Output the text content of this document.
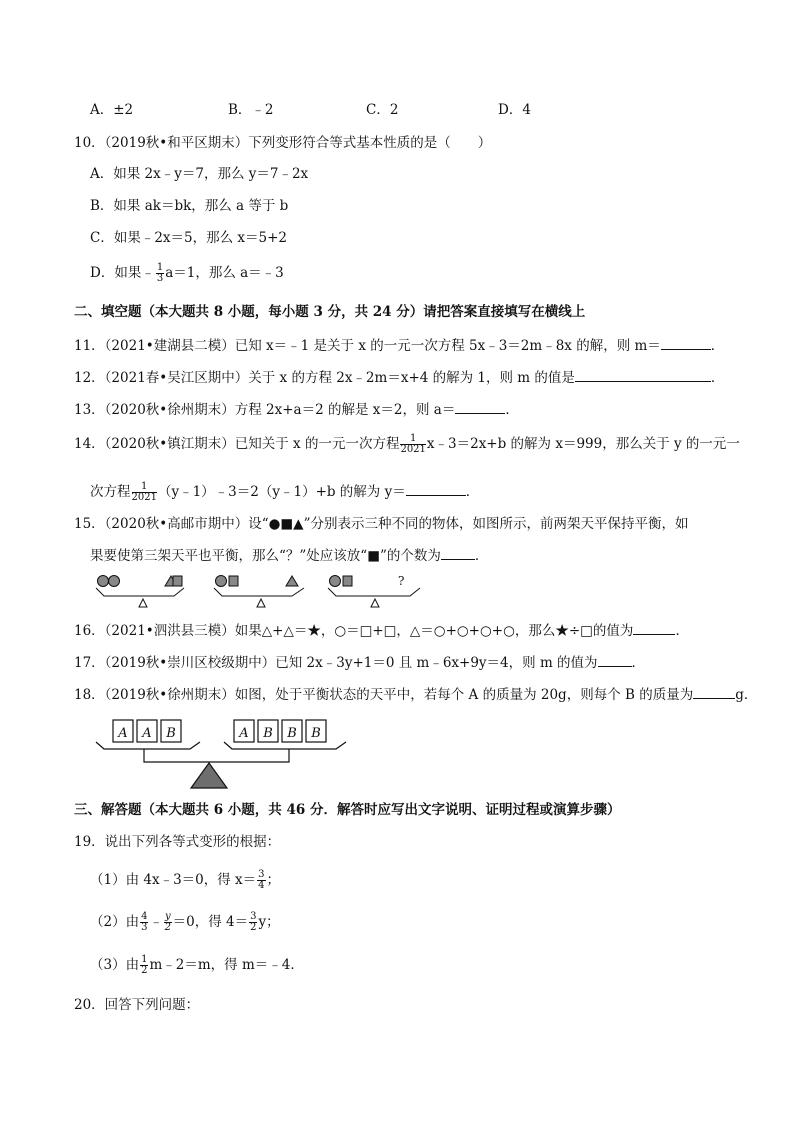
A．±2	B．﹣2	C．2	D．4
10．（2019秋•和平区期末）下列变形符合等式基本性质的是（　　）
A．如果 2x﹣y＝7，那么 y＝7﹣2x
B．如果 ak＝bk，那么 a 等于 b
C．如果﹣2x＝5，那么 x＝5+2
D．如果﹣ $\frac{1}{3} a=1$，那么 a＝﹣3
二、填空题（本大题共 8 小题，每小题 3 分，共 24 分）请把答案直接填写在横线上
11．（2021•建湖县二模）已知 x＝﹣1 是关于 x 的一元一次方程 5x﹣3＝2m﹣8x 的解，则 m＝	．
12．（2021春•吴江区期中）关于 x 的方程 2x﹣2m＝x+4 的解为 1，则 m 的值是	．
13．（2020秋•徐州期末）方程 2x+a＝2 的解是 x＝2，则 a＝	．
14．（2020秋•镇江期末）已知关于 x 的一元一次方程 $\frac{1}{2021}$ x﹣3＝2x+b 的解为 x＝999，那么关于 y 的一元一
次方程 $\frac{1}{2021}$ （y﹣1）﹣3＝2（y﹣1）+b 的解为 y＝	．
15．（2020秋•高邮市期中）设“●■▲”分别表示三种不同的物体，如图所示，前两架天平保持平衡，如
果要使第三架天平也平衡，那么“？”处应该放“■”的个数为	．
?
16．（2021•泗洪县三模）如果△+△＝★，○＝□+□，△＝○+○+○+○，那么★÷□的值为	．
17．（2019秋•崇川区校级期中）已知 2x﹣3y+1＝0 且 m﹣6x+9y＝4，则 m 的值为	．
18．（2019秋•徐州期末）如图，处于平衡状态的天平中，若每个 A 的质量为 20g，则每个 B 的质量为	g．
A A B	A B B B
三、解答题（本大题共 6 小题，共 46 分．解答时应写出文字说明、证明过程或演算步骤）
19．说出下列各等式变形的根据：
（1）由 4x﹣3＝0，得 $x= \frac{3}{4}$ ；
（2）由 $\frac{4}{3}$ ﹣ $\frac{y}{2} =0$，得 $4= \frac{3}{2}$ y；
（3）由 $\frac{1}{2}$ m﹣2＝m，得 m＝﹣4．
20．回答下列问题：
